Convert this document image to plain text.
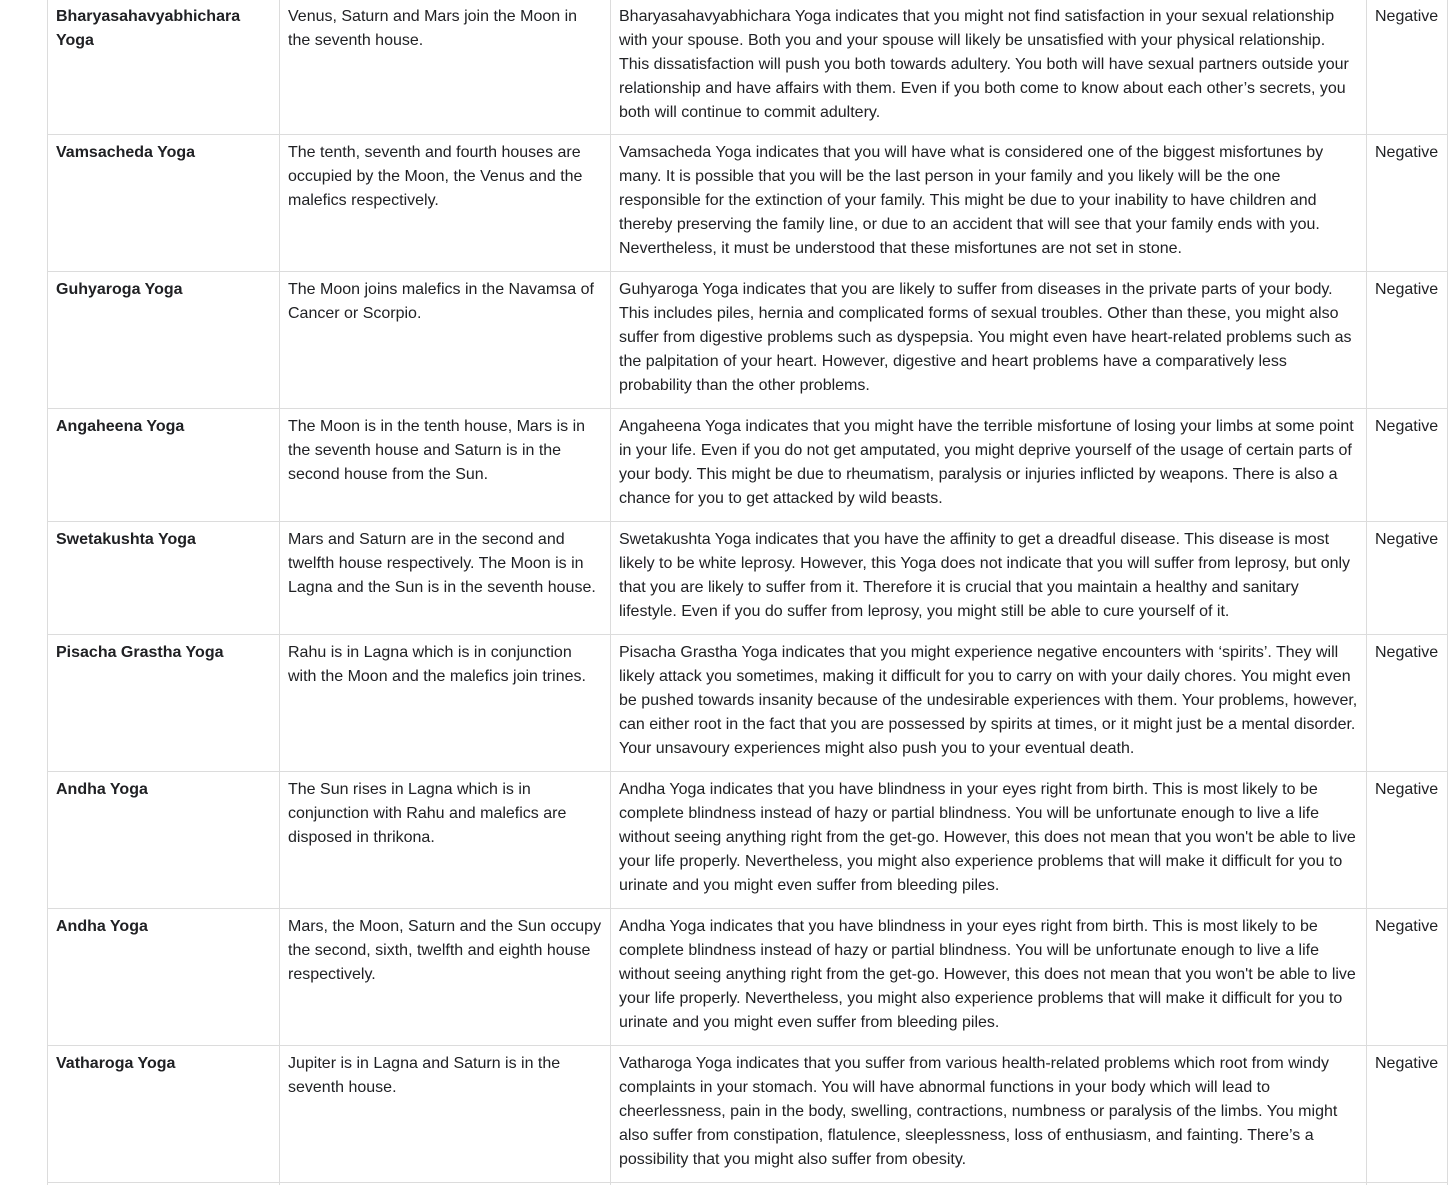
Bharyasahavyabhichara Yoga	Venus, Saturn and Mars join the Moon in the seventh house.	Bharyasahavyabhichara Yoga indicates that you might not find satisfaction in your sexual relationship with your spouse. Both you and your spouse will likely be unsatisfied with your physical relationship. This dissatisfaction will push you both towards adultery. You both will have sexual partners outside your relationship and have affairs with them. Even if you both come to know about each other’s secrets, you both will continue to commit adultery.	Negative

Vamsacheda Yoga	The tenth, seventh and fourth houses are occupied by the Moon, the Venus and the malefics respectively.	Vamsacheda Yoga indicates that you will have what is considered one of the biggest misfortunes by many. It is possible that you will be the last person in your family and you likely will be the one responsible for the extinction of your family. This might be due to your inability to have children and thereby preserving the family line, or due to an accident that will see that your family ends with you. Nevertheless, it must be understood that these misfortunes are not set in stone.	Negative

Guhyaroga Yoga	The Moon joins malefics in the Navamsa of Cancer or Scorpio.	Guhyaroga Yoga indicates that you are likely to suffer from diseases in the private parts of your body. This includes piles, hernia and complicated forms of sexual troubles. Other than these, you might also suffer from digestive problems such as dyspepsia. You might even have heart-related problems such as the palpitation of your heart. However, digestive and heart problems have a comparatively less probability than the other problems.	Negative

Angaheena Yoga	The Moon is in the tenth house, Mars is in the seventh house and Saturn is in the second house from the Sun.	Angaheena Yoga indicates that you might have the terrible misfortune of losing your limbs at some point in your life. Even if you do not get amputated, you might deprive yourself of the usage of certain parts of your body. This might be due to rheumatism, paralysis or injuries inflicted by weapons. There is also a chance for you to get attacked by wild beasts.	Negative

Swetakushta Yoga	Mars and Saturn are in the second and twelfth house respectively. The Moon is in Lagna and the Sun is in the seventh house.	Swetakushta Yoga indicates that you have the affinity to get a dreadful disease. This disease is most likely to be white leprosy. However, this Yoga does not indicate that you will suffer from leprosy, but only that you are likely to suffer from it. Therefore it is crucial that you maintain a healthy and sanitary lifestyle. Even if you do suffer from leprosy, you might still be able to cure yourself of it.	Negative

Pisacha Grastha Yoga	Rahu is in Lagna which is in conjunction with the Moon and the malefics join trines.	Pisacha Grastha Yoga indicates that you might experience negative encounters with ‘spirits’. They will likely attack you sometimes, making it difficult for you to carry on with your daily chores. You might even be pushed towards insanity because of the undesirable experiences with them. Your problems, however, can either root in the fact that you are possessed by spirits at times, or it might just be a mental disorder. Your unsavoury experiences might also push you to your eventual death.	Negative

Andha Yoga	The Sun rises in Lagna which is in conjunction with Rahu and malefics are disposed in thrikona.	Andha Yoga indicates that you have blindness in your eyes right from birth. This is most likely to be complete blindness instead of hazy or partial blindness. You will be unfortunate enough to live a life without seeing anything right from the get-go. However, this does not mean that you won't be able to live your life properly. Nevertheless, you might also experience problems that will make it difficult for you to urinate and you might even suffer from bleeding piles.	Negative

Andha Yoga	Mars, the Moon, Saturn and the Sun occupy the second, sixth, twelfth and eighth house respectively.	Andha Yoga indicates that you have blindness in your eyes right from birth. This is most likely to be complete blindness instead of hazy or partial blindness. You will be unfortunate enough to live a life without seeing anything right from the get-go. However, this does not mean that you won't be able to live your life properly. Nevertheless, you might also experience problems that will make it difficult for you to urinate and you might even suffer from bleeding piles.	Negative

Vatharoga Yoga	Jupiter is in Lagna and Saturn is in the seventh house.	Vatharoga Yoga indicates that you suffer from various health-related problems which root from windy complaints in your stomach. You will have abnormal functions in your body which will lead to cheerlessness, pain in the body, swelling, contractions, numbness or paralysis of the limbs. You might also suffer from constipation, flatulence, sleeplessness, loss of enthusiasm, and fainting. There’s a possibility that you might also suffer from obesity.	Negative
